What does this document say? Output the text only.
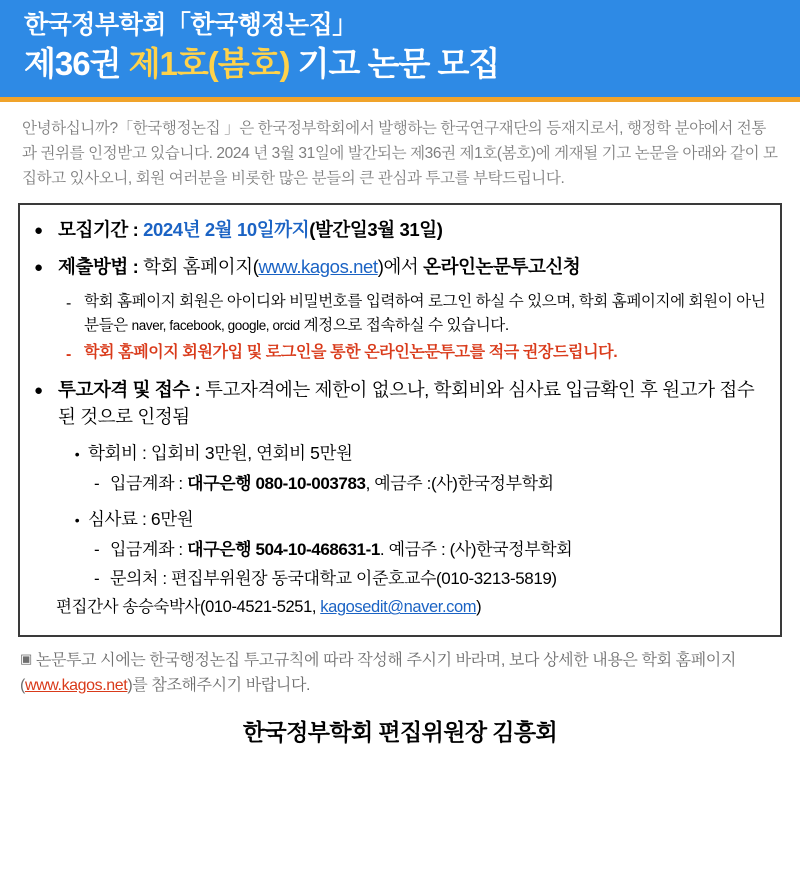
한국정부학회「한국행정논집」
제36권 제1호(봄호) 기고 논문 모집
안녕하십니까?「한국행정논집 」은 한국정부학회에서 발행하는 한국연구재단의 등재지로서, 행정학 분야에서 전통과 권위를 인정받고 있습니다. 2024 년 3월 31일에 발간되는 제36권 제1호(봄호)에 게재될 기고 논문을 아래와 같이 모집하고 있사오니, 회원 여러분을 비롯한 많은 분들의 큰 관심과 투고를 부탁드립니다.
● 모집기간 : 2024년 2월 10일까지(발간일3월 31일)
● 제출방법 : 학회 홈페이지(www.kagos.net)에서 온라인논문투고신청
- 학회 홈페이지 회원은 아이디와 비밀번호를 입력하여 로그인 하실 수 있으며, 학회 홈페이지에 회원이 아닌 분들은 naver, facebook, google, orcid 계정으로 접속하실 수 있습니다.
- 학회 홈페이지 회원가입 및 로그인을 통한 온라인논문투고를 적극 권장드립니다.
● 투고자격 및 접수 : 투고자격에는 제한이 없으나, 학회비와 심사료 입금확인 후 원고가 접수된 것으로 인정됨
• 학회비 : 입회비 3만원, 연회비 5만원
- 입금계좌 : 대구은행 080-10-003783, 예금주 :(사)한국정부학회
• 심사료 : 6만원
- 입금계좌 : 대구은행 504-10-468631-1. 예금주 : (사)한국정부학회
- 문의처 : 편집부위원장 동국대학교 이준호교수(010-3213-5819)
편집간사 송승숙박사(010-4521-5251, kagosedit@naver.com)
▣ 논문투고 시에는 한국행정논집 투고규칙에 따라 작성해 주시기 바라며, 보다 상세한 내용은 학회 홈페이지(www.kagos.net)를 참조해주시기 바랍니다.
한국정부학회 편집위원장 김흥회
